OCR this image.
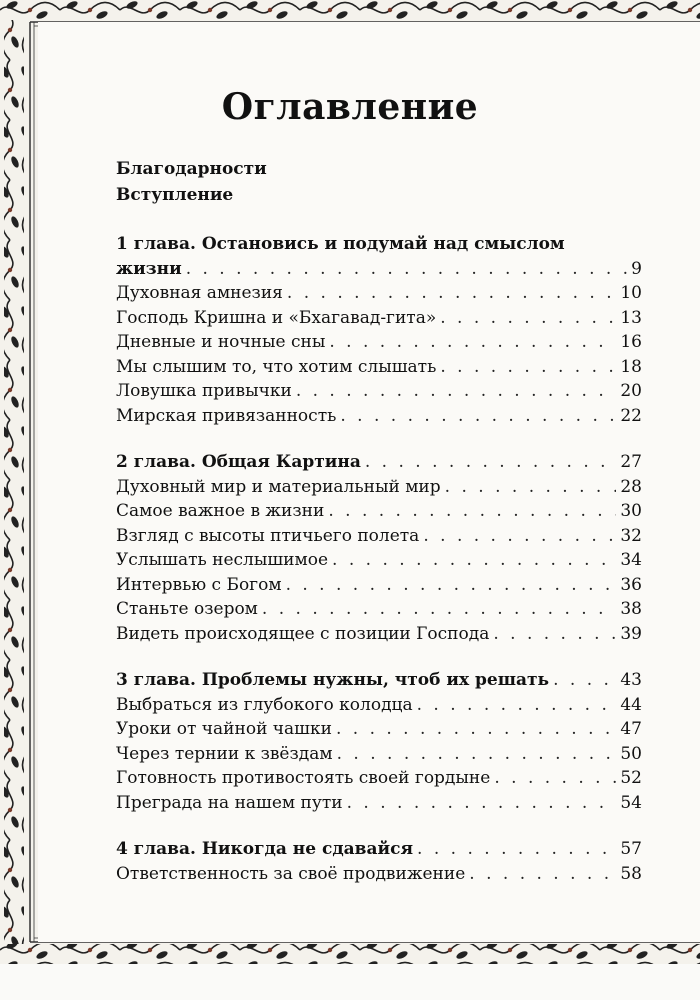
Оглавление
Благодарности
Вступление
1 глава. Остановись и подумай над смыслом
жизни . . .	9
Духовная амнезия . . .	10
Господь Кришна и «Бхагавад-гита» . . .	13
Дневные и ночные сны . . .	16
Мы слышим то, что хотим слышать . . .	18
Ловушка привычки . . .	20
Мирская привязанность . . .	22
2 глава. Общая Картина . . .	27
Духовный мир и материальный мир . . .	28
Самое важное в жизни . . .	30
Взгляд с высоты птичьего полета . . .	32
Услышать неслышимое . . .	34
Интервью с Богом . . .	36
Станьте озером . . .	38
Видеть происходящее с позиции Господа . . .	39
3 глава. Проблемы нужны, чтоб их решать . . .	43
Выбраться из глубокого колодца . . .	44
Уроки от чайной чашки . . .	47
Через тернии к звёздам . . .	50
Готовность противостоять своей гордыне . . .	52
Преграда на нашем пути . . .	54
4 глава. Никогда не сдавайся . . .	57
Ответственность за своё продвижение . . .	58
